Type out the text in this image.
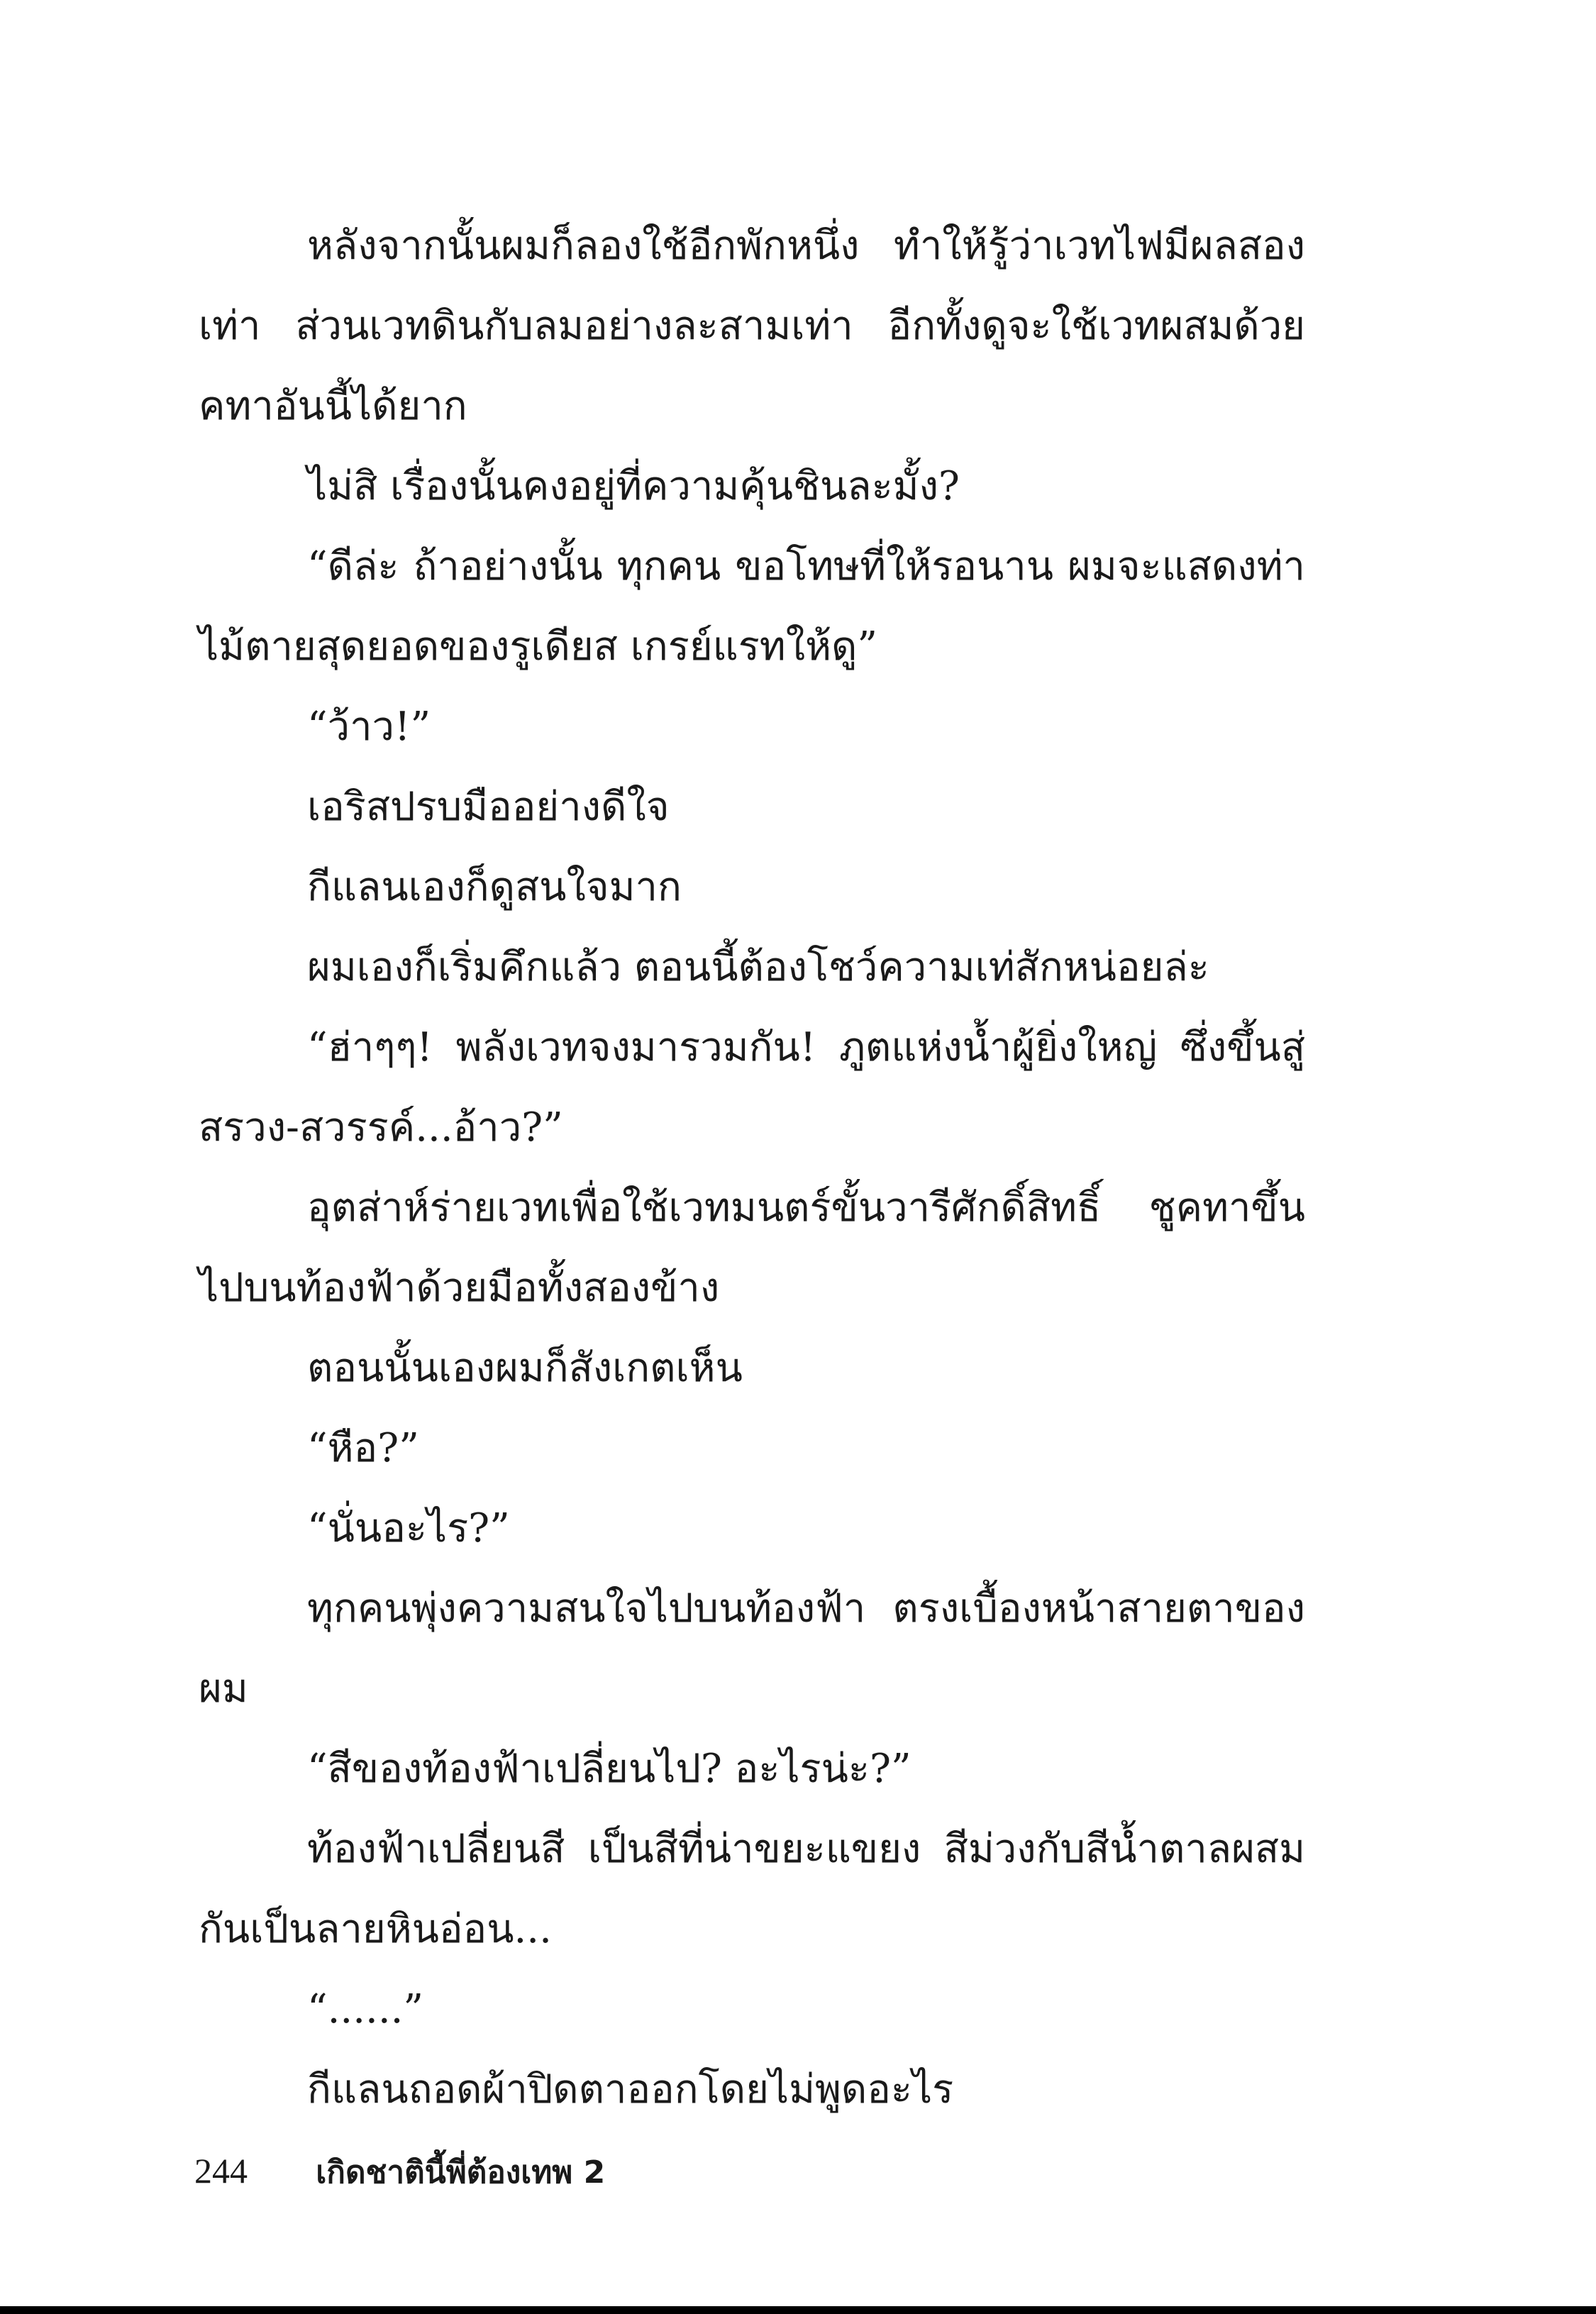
หลังจากนั้นผมก็ลองใช้อีกพักหนึ่ง ทำให้รู้ว่าเวทไฟมีผลสองเท่า ส่วนเวทดินกับลมอย่างละสามเท่า อีกทั้งดูจะใช้เวทผสมด้วยคทาอันนี้ได้ยาก

ไม่สิ เรื่องนั้นคงอยู่ที่ความคุ้นชินละมั้ง?

“ดีล่ะ ถ้าอย่างนั้น ทุกคน ขอโทษที่ให้รอนาน ผมจะแสดงท่าไม้ตายสุดยอดของรูเดียส เกรย์แรทให้ดู”

“ว้าว!”

เอริสปรบมืออย่างดีใจ

กีแลนเองก็ดูสนใจมาก

ผมเองก็เริ่มคึกแล้ว ตอนนี้ต้องโชว์ความเท่สักหน่อยล่ะ

“ฮ่าๆๆ! พลังเวทจงมารวมกัน! ภูตแห่งน้ำผู้ยิ่งใหญ่ ซึ่งขึ้นสู่สรวง-สวรรค์...อ้าว?”

อุตส่าห์ร่ายเวทเพื่อใช้เวทมนตร์ขั้นวารีศักดิ์สิทธิ์ ชูคทาขึ้นไปบนท้องฟ้าด้วยมือทั้งสองข้าง

ตอนนั้นเองผมก็สังเกตเห็น

“หือ?”

“นั่นอะไร?”

ทุกคนพุ่งความสนใจไปบนท้องฟ้า ตรงเบื้องหน้าสายตาของผม

“สีของท้องฟ้าเปลี่ยนไป? อะไรน่ะ?”

ท้องฟ้าเปลี่ยนสี เป็นสีที่น่าขยะแขยง สีม่วงกับสีน้ำตาลผสมกันเป็นลายหินอ่อน...

“......”

กีแลนถอดผ้าปิดตาออกโดยไม่พูดอะไร

244 เกิดชาตินี้พี่ต้องเทพ 2
